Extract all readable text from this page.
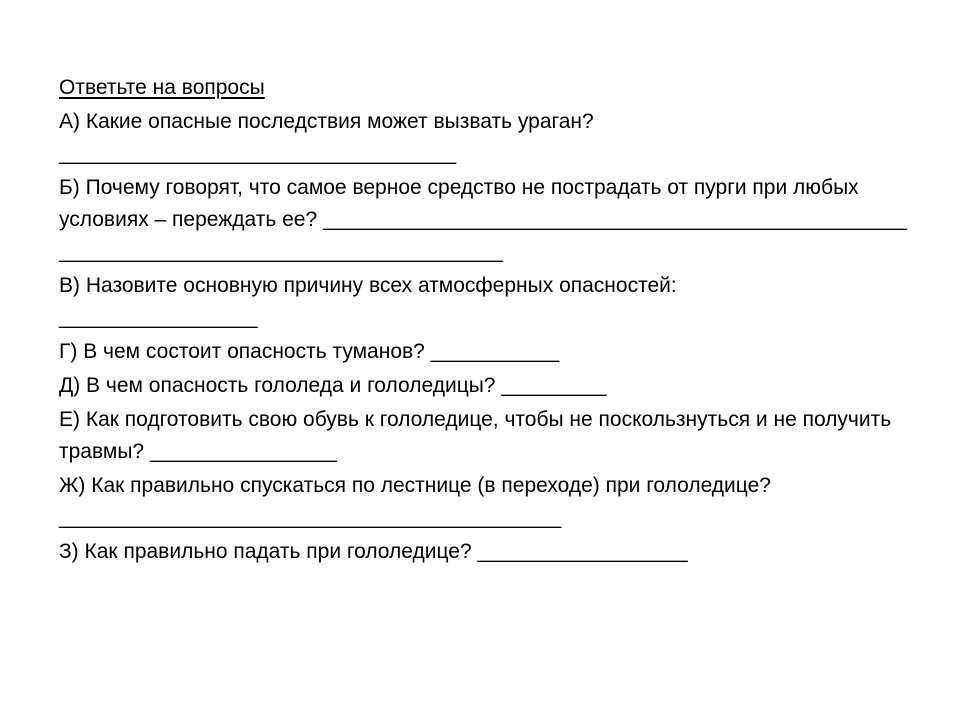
Ответьте на вопросы

А) Какие опасные последствия может вызвать ураган?
__________________________________

Б) Почему говорят, что самое верное средство не пострадать от пурги при любых условиях – переждать ее? ________________________________________________________________________________________

В) Назовите основную причину всех атмосферных опасностей:
_________________

Г) В чем состоит опасность туманов? ___________

Д) В чем опасность гололеда и гололедицы? _________

Е) Как подготовить свою обувь к гололедице, чтобы не поскользнуться и не получить травмы? ________________

Ж) Как правильно спускаться по лестнице (в переходе) при гололедице?
___________________________________________

З) Как правильно падать при гололедице? __________________
